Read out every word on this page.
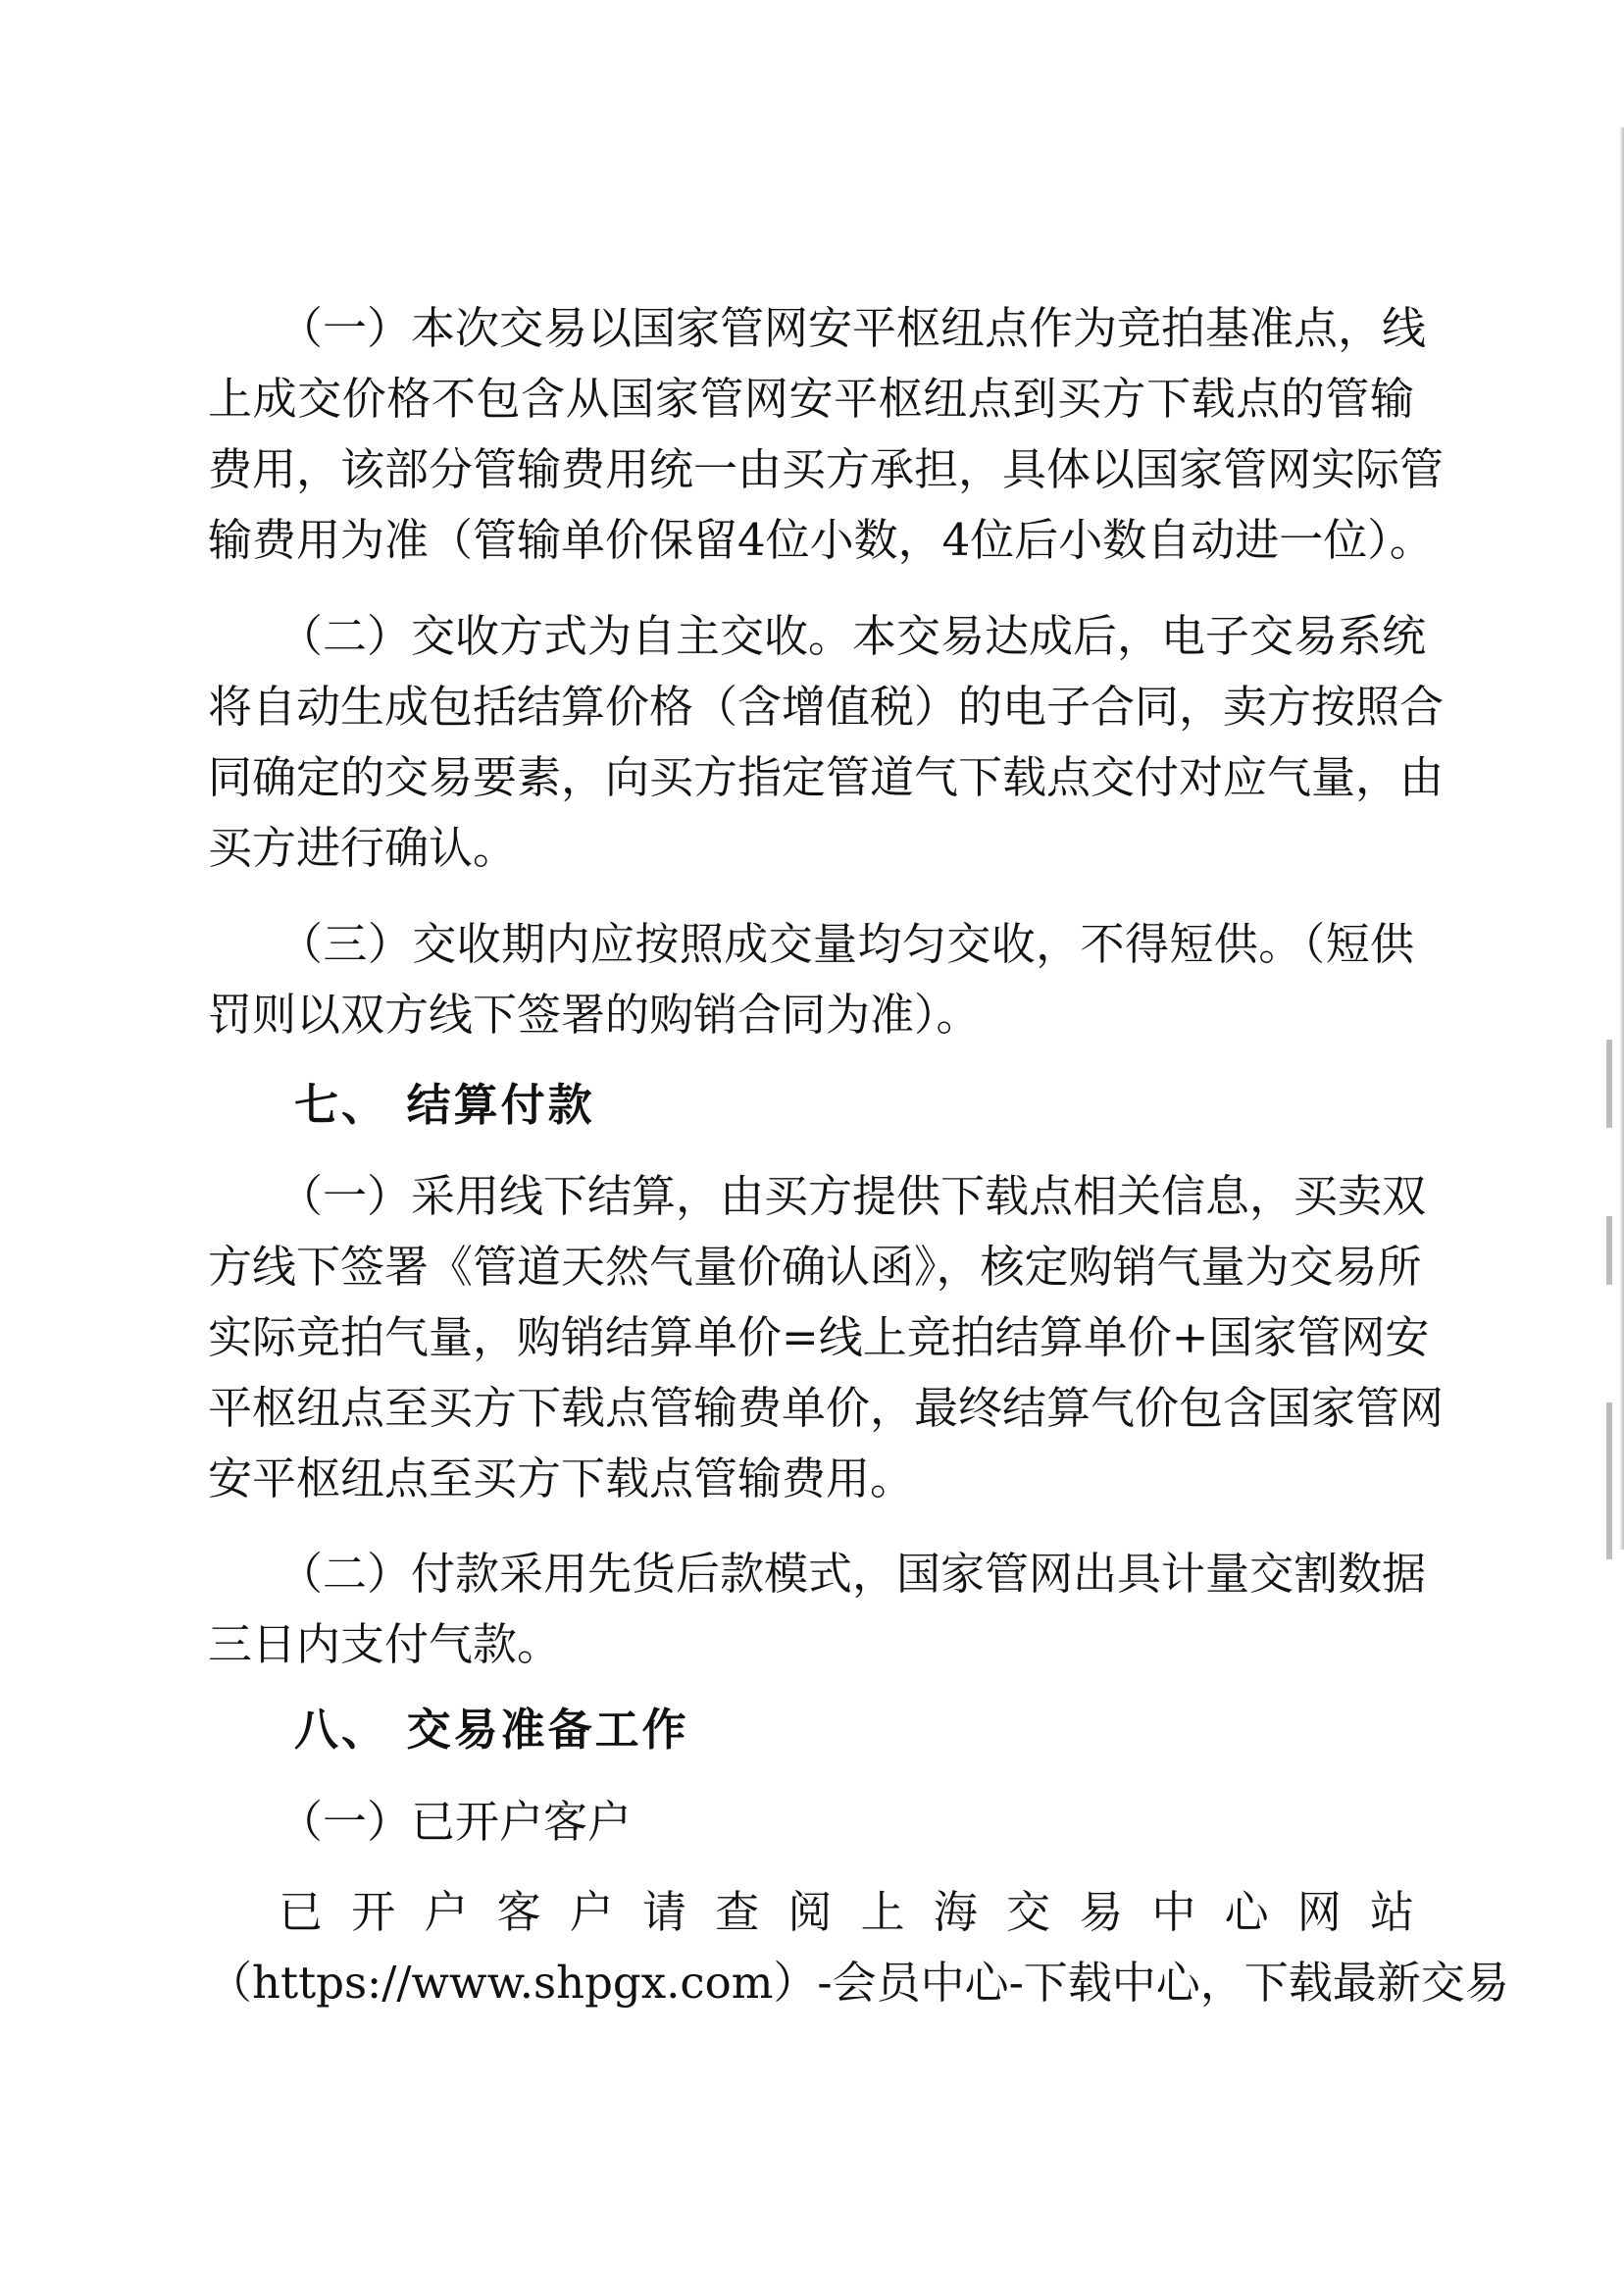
（一）本次交易以国家管网安平枢纽点作为竞拍基准点，线
上成交价格不包含从国家管网安平枢纽点到买方下载点的管输
费用，该部分管输费用统一由买方承担，具体以国家管网实际管
输费用为准（管输单价保留4位小数，4位后小数自动进一位）。
（二）交收方式为自主交收。本交易达成后，电子交易系统
将自动生成包括结算价格（含增值税）的电子合同，卖方按照合
同确定的交易要素，向买方指定管道气下载点交付对应气量，由
买方进行确认。
（三）交收期内应按照成交量均匀交收，不得短供。（短供
罚则以双方线下签署的购销合同为准）。
七、 结算付款
（一）采用线下结算，由买方提供下载点相关信息，买卖双
方线下签署《管道天然气量价确认函》，核定购销气量为交易所
实际竞拍气量，购销结算单价=线上竞拍结算单价+国家管网安
平枢纽点至买方下载点管输费单价，最终结算气价包含国家管网
安平枢纽点至买方下载点管输费用。
（二）付款采用先货后款模式，国家管网出具计量交割数据
三日内支付气款。
八、 交易准备工作
（一）已开户客户
已 开 户 客 户 请 查 阅 上 海 交 易 中 心 网 站
（https://www.shpgx.com）-会员中心-下载中心，下载最新交易
